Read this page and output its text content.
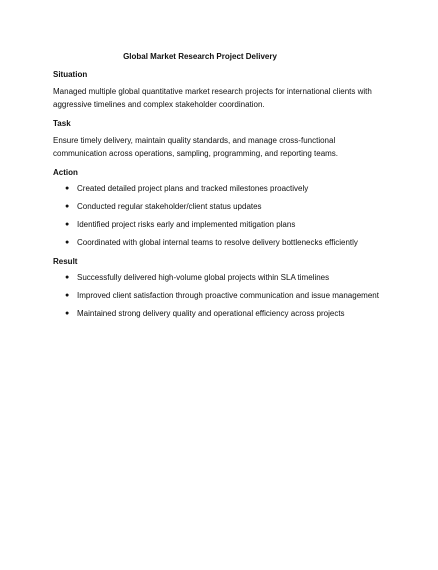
Global Market Research Project Delivery

Situation

Managed multiple global quantitative market research projects for international clients with aggressive timelines and complex stakeholder coordination.

Task

Ensure timely delivery, maintain quality standards, and manage cross-functional communication across operations, sampling, programming, and reporting teams.

Action

● Created detailed project plans and tracked milestones proactively
● Conducted regular stakeholder/client status updates
● Identified project risks early and implemented mitigation plans
● Coordinated with global internal teams to resolve delivery bottlenecks efficiently

Result

● Successfully delivered high-volume global projects within SLA timelines
● Improved client satisfaction through proactive communication and issue management
● Maintained strong delivery quality and operational efficiency across projects
